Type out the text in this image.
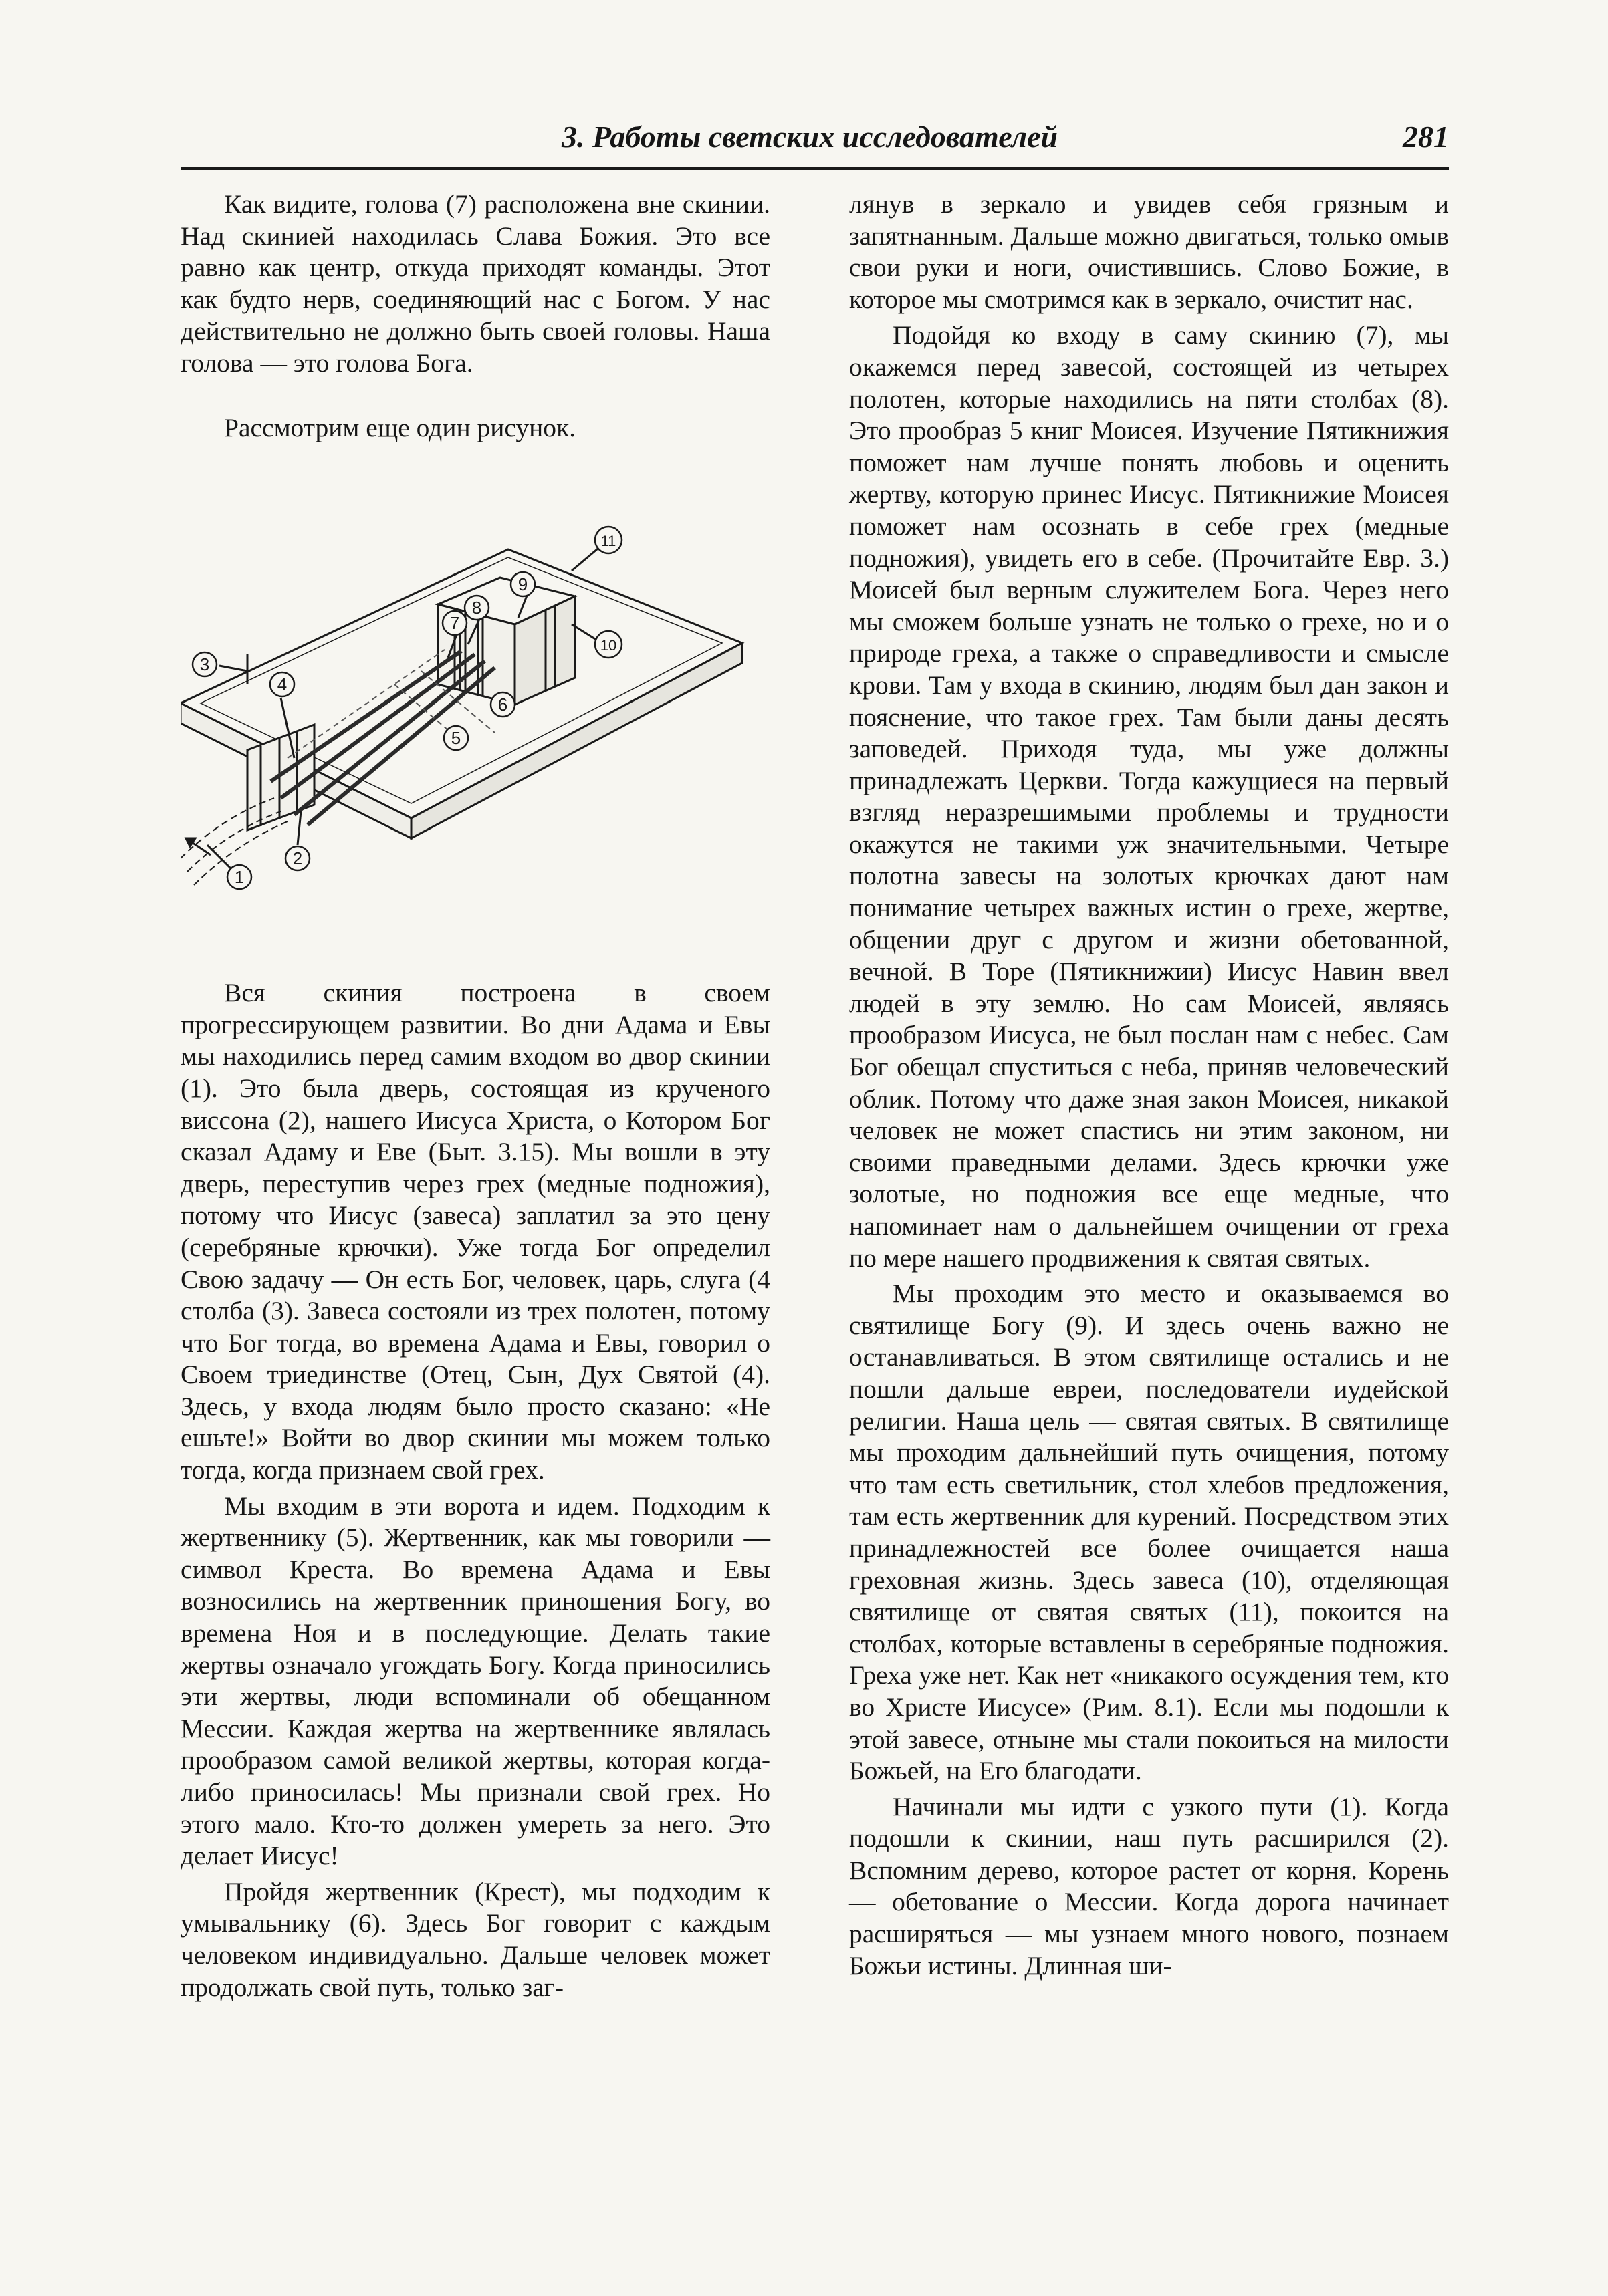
3. Работы светских исследователей	281

Как видите, голова (7) расположена вне скинии. Над скинией находилась Слава Божия. Это все равно как центр, откуда приходят команды. Этот как будто нерв, соединяющий нас с Богом. У нас действительно не должно быть своей головы. Наша голова — это голова Бога.

Рассмотрим еще один рисунок.

1
2
3
4
5
6
7
8
9
10
11

Вся скиния построена в своем прогрессирующем развитии. Во дни Адама и Евы мы находились перед самим входом во двор скинии (1). Это была дверь, состоящая из крученого виссона (2), нашего Иисуса Христа, о Котором Бог сказал Адаму и Еве (Быт. 3.15). Мы вошли в эту дверь, переступив через грех (медные подножия), потому что Иисус (завеса) заплатил за это цену (серебряные крючки). Уже тогда Бог определил Свою задачу — Он есть Бог, человек, царь, слуга (4 столба (3). Завеса состояли из трех полотен, потому что Бог тогда, во времена Адама и Евы, говорил о Своем триединстве (Отец, Сын, Дух Святой (4). Здесь, у входа людям было просто сказано: «Не ешьте!» Войти во двор скинии мы можем только тогда, когда признаем свой грех.

Мы входим в эти ворота и идем. Подходим к жертвеннику (5). Жертвенник, как мы говорили — символ Креста. Во времена Адама и Евы возносились на жертвенник приношения Богу, во времена Ноя и в последующие. Делать такие жертвы означало угождать Богу. Когда приносились эти жертвы, люди вспоминали об обещанном Мессии. Каждая жертва на жертвеннике являлась прообразом самой великой жертвы, которая когда-либо приносилась! Мы признали свой грех. Но этого мало. Кто-то должен умереть за него. Это делает Иисус!

Пройдя жертвенник (Крест), мы подходим к умывальнику (6). Здесь Бог говорит с каждым человеком индивидуально. Дальше человек может продолжать свой путь, только заг-

лянув в зеркало и увидев себя грязным и запятнанным. Дальше можно двигаться, только омыв свои руки и ноги, очистившись. Слово Божие, в которое мы смотримся как в зеркало, очистит нас.

Подойдя ко входу в саму скинию (7), мы окажемся перед завесой, состоящей из четырех полотен, которые находились на пяти столбах (8). Это прообраз 5 книг Моисея. Изучение Пятикнижия поможет нам лучше понять любовь и оценить жертву, которую принес Иисус. Пятикнижие Моисея поможет нам осознать в себе грех (медные подножия), увидеть его в себе. (Прочитайте Евр. 3.) Моисей был верным служителем Бога. Через него мы сможем больше узнать не только о грехе, но и о природе греха, а также о справедливости и смысле крови. Там у входа в скинию, людям был дан закон и пояснение, что такое грех. Там были даны десять заповедей. Приходя туда, мы уже должны принадлежать Церкви. Тогда кажущиеся на первый взгляд неразрешимыми проблемы и трудности окажутся не такими уж значительными. Четыре полотна завесы на золотых крючках дают нам понимание четырех важных истин о грехе, жертве, общении друг с другом и жизни обетованной, вечной. В Торе (Пятикнижии) Иисус Навин ввел людей в эту землю. Но сам Моисей, являясь прообразом Иисуса, не был послан нам с небес. Сам Бог обещал спуститься с неба, приняв человеческий облик. Потому что даже зная закон Моисея, никакой человек не может спастись ни этим законом, ни своими праведными делами. Здесь крючки уже золотые, но подножия все еще медные, что напоминает нам о дальнейшем очищении от греха по мере нашего продвижения к святая святых.

Мы проходим это место и оказываемся во святилище Богу (9). И здесь очень важно не останавливаться. В этом святилище остались и не пошли дальше евреи, последователи иудейской религии. Наша цель — святая святых. В святилище мы проходим дальнейший путь очищения, потому что там есть светильник, стол хлебов предложения, там есть жертвенник для курений. Посредством этих принадлежностей все более очищается наша греховная жизнь. Здесь завеса (10), отделяющая святилище от святая святых (11), покоится на столбах, которые вставлены в серебряные подножия. Греха уже нет. Как нет «никакого осуждения тем, кто во Христе Иисусе» (Рим. 8.1). Если мы подошли к этой завесе, отныне мы стали покоиться на милости Божьей, на Его благодати.

Начинали мы идти с узкого пути (1). Когда подошли к скинии, наш путь расширился (2). Вспомним дерево, которое растет от корня. Корень — обетование о Мессии. Когда дорога начинает расширяться — мы узнаем много нового, познаем Божьи истины. Длинная ши-
